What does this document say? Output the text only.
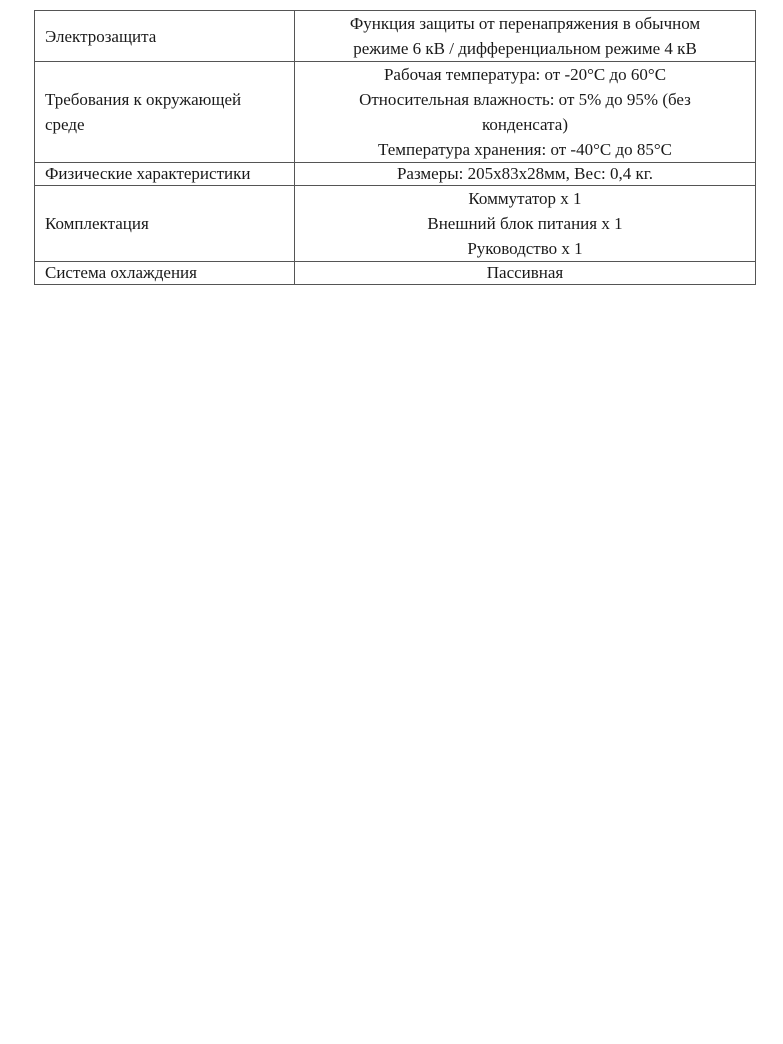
Электрозащита	Функция защиты от перенапряжения в обычном
режиме 6 кВ / дифференциальном режиме 4 кВ

Требования к окружающей среде	Рабочая температура: от -20°C до 60°C
Относительная влажность: от 5% до 95% (без
конденсата)
Температура хранения: от -40°C до 85°C

Физические характеристики	Размеры: 205x83x28мм, Вес: 0,4 кг.

Комплектация	Коммутатор x 1
Внешний блок питания x 1
Руководство x 1

Система охлаждения	Пассивная
